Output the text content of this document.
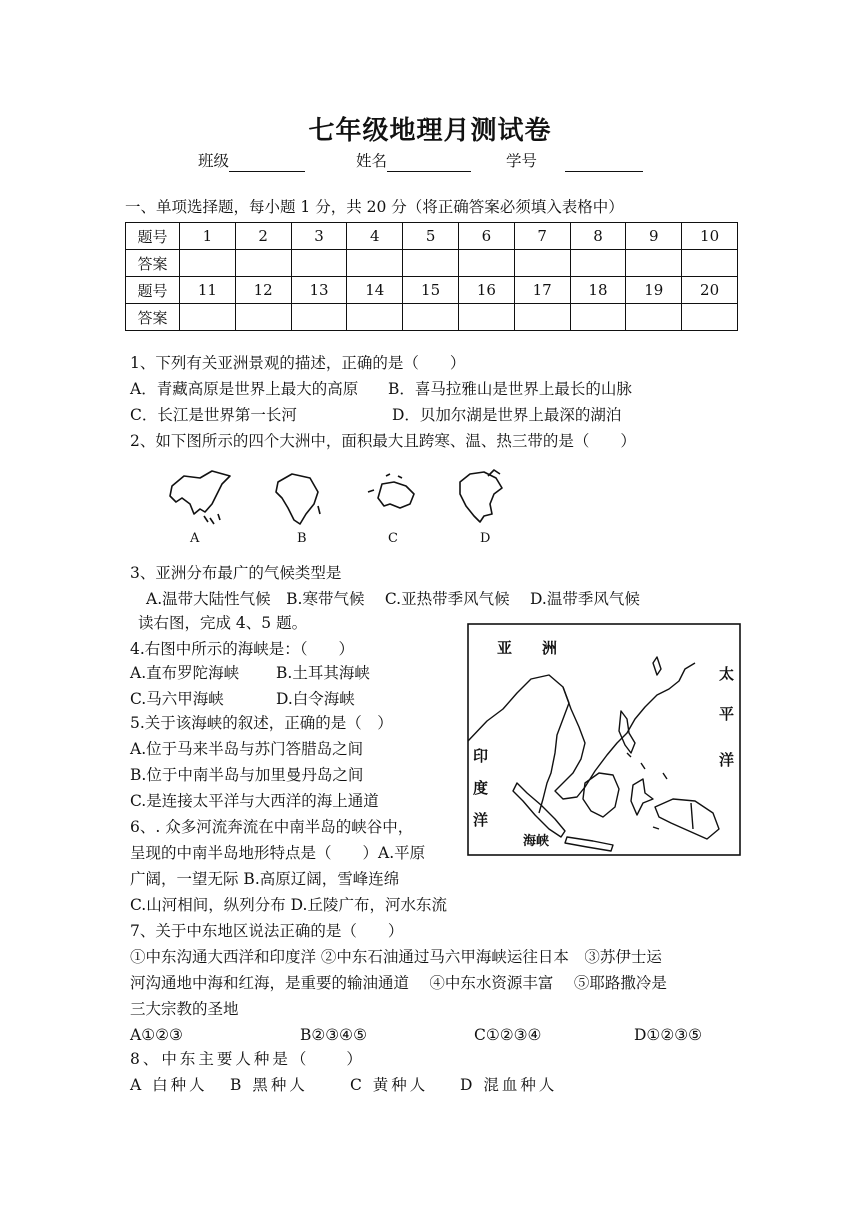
七年级地理月测试卷
班级	姓名	学号
一、单项选择题，每小题 1 分，共 20 分（将正确答案必须填入表格中）
题号	1	2	3	4	5	6	7	8	9	10
答案										
题号	11	12	13	14	15	16	17	18	19	20
答案										
1、下列有关亚洲景观的描述，正确的是（　　）
A．青藏高原是世界上最大的高原 B．喜马拉雅山是世界上最长的山脉
C．长江是世界第一长河	D．贝加尔湖是世界上最深的湖泊
2、如下图所示的四个大洲中，面积最大且跨寒、温、热三带的是（　　）
A	B	C	D
3、亚洲分布最广的气候类型是
A.温带大陆性气候　B.寒带气候　 C.亚热带季风气候　 D.温带季风气候
读右图，完成 4、5 题。
4.右图中所示的海峡是：（　　）
A.直布罗陀海峡 B.土耳其海峡
C.马六甲海峡	D.白令海峡
5.关于该海峡的叙述，正确的是（　）
A.位于马来半岛与苏门答腊岛之间
B.位于中南半岛与加里曼丹岛之间
C.是连接太平洋与大西洋的海上通道
6、. 众多河流奔流在中南半岛的峡谷中，
呈现的中南半岛地形特点是（　　）A.平原
广阔，一望无际 B.高原辽阔，雪峰连绵
C.山河相间，纵列分布 D.丘陵广布，河水东流
亚　　洲
太
平
洋
印
度
洋
海峡
7、关于中东地区说法正确的是（　　）
①中东沟通大西洋和印度洋 ②中东石油通过马六甲海峡运往日本　③苏伊士运
河沟通地中海和红海，是重要的输油通道　 ④中东水资源丰富　 ⑤耶路撒冷是
三大宗教的圣地
A①②③	B②③④⑤	C①②③④	D①②③⑤
8、中东主要人种是（　　）
A 白种人 B 黑种人	C 黄种人 D 混血种人
